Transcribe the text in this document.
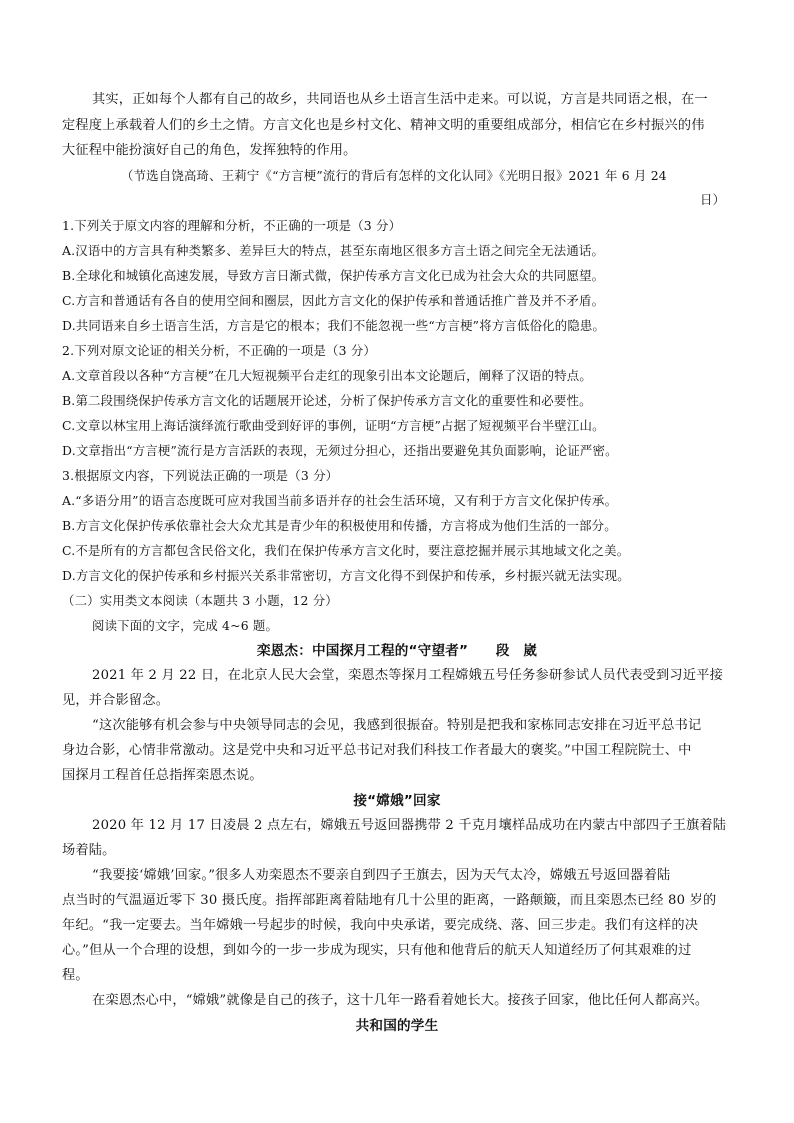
其实，正如每个人都有自己的故乡，共同语也从乡土语言生活中走来。可以说，方言是共同语之根，在一
定程度上承载着人们的乡土之情。方言文化也是乡村文化、精神文明的重要组成部分，相信它在乡村振兴的伟
大征程中能扮演好自己的角色，发挥独特的作用。
（节选自饶高琦、王莉宁《“方言梗”流行的背后有怎样的文化认同》《光明日报》2021 年 6 月 24
日）
1.下列关于原文内容的理解和分析，不正确的一项是（3 分）
A.汉语中的方言具有种类繁多、差异巨大的特点，甚至东南地区很多方言土语之间完全无法通话。
B.全球化和城镇化高速发展，导致方言日渐式微，保护传承方言文化已成为社会大众的共同愿望。
C.方言和普通话有各自的使用空间和圈层，因此方言文化的保护传承和普通话推广普及并不矛盾。
D.共同语来自乡土语言生活，方言是它的根本；我们不能忽视一些“方言梗”将方言低俗化的隐患。
2.下列对原文论证的相关分析，不正确的一项是（3 分）
A.文章首段以各种“方言梗”在几大短视频平台走红的现象引出本文论题后，阐释了汉语的特点。
B.第二段围绕保护传承方言文化的话题展开论述，分析了保护传承方言文化的重要性和必要性。
C.文章以林宝用上海话演绎流行歌曲受到好评的事例，证明“方言梗”占据了短视频平台半壁江山。
D.文章指出“方言梗”流行是方言活跃的表现，无须过分担心，还指出要避免其负面影响，论证严密。
3.根据原文内容，下列说法正确的一项是（3 分）
A.“多语分用”的语言态度既可应对我国当前多语并存的社会生活环境，又有利于方言文化保护传承。
B.方言文化保护传承依靠社会大众尤其是青少年的积极使用和传播，方言将成为他们生活的一部分。
C.不是所有的方言都包含民俗文化，我们在保护传承方言文化时，要注意挖掘并展示其地域文化之美。
D.方言文化的保护传承和乡村振兴关系非常密切，方言文化得不到保护和传承，乡村振兴就无法实现。
（二）实用类文本阅读（本题共 3 小题，12 分）
阅读下面的文字，完成 4~6 题。
栾恩杰：中国探月工程的“守望者”　　段　崴
2021 年 2 月 22 日，在北京人民大会堂，栾恩杰等探月工程嫦娥五号任务参研参试人员代表受到习近平接
见，并合影留念。
“这次能够有机会参与中央领导同志的会见，我感到很振奋。特别是把我和家栋同志安排在习近平总书记
身边合影，心情非常激动。这是党中央和习近平总书记对我们科技工作者最大的褒奖。”中国工程院院士、中
国探月工程首任总指挥栾恩杰说。
接“嫦娥”回家
2020 年 12 月 17 日凌晨 2 点左右，嫦娥五号返回器携带 2 千克月壤样品成功在内蒙古中部四子王旗着陆
场着陆。
“我要接‘嫦娥’回家。”很多人劝栾恩杰不要亲自到四子王旗去，因为天气太冷，嫦娥五号返回器着陆
点当时的气温逼近零下 30 摄氏度。指挥部距离着陆地有几十公里的距离，一路颠簸，而且栾恩杰已经 80 岁的
年纪。“我一定要去。当年嫦娥一号起步的时候，我向中央承诺，要完成绕、落、回三步走。我们有这样的决
心。”但从一个合理的设想，到如今的一步一步成为现实，只有他和他背后的航天人知道经历了何其艰难的过
程。
在栾恩杰心中，“嫦娥”就像是自己的孩子，这十几年一路看着她长大。接孩子回家，他比任何人都高兴。
共和国的学生
